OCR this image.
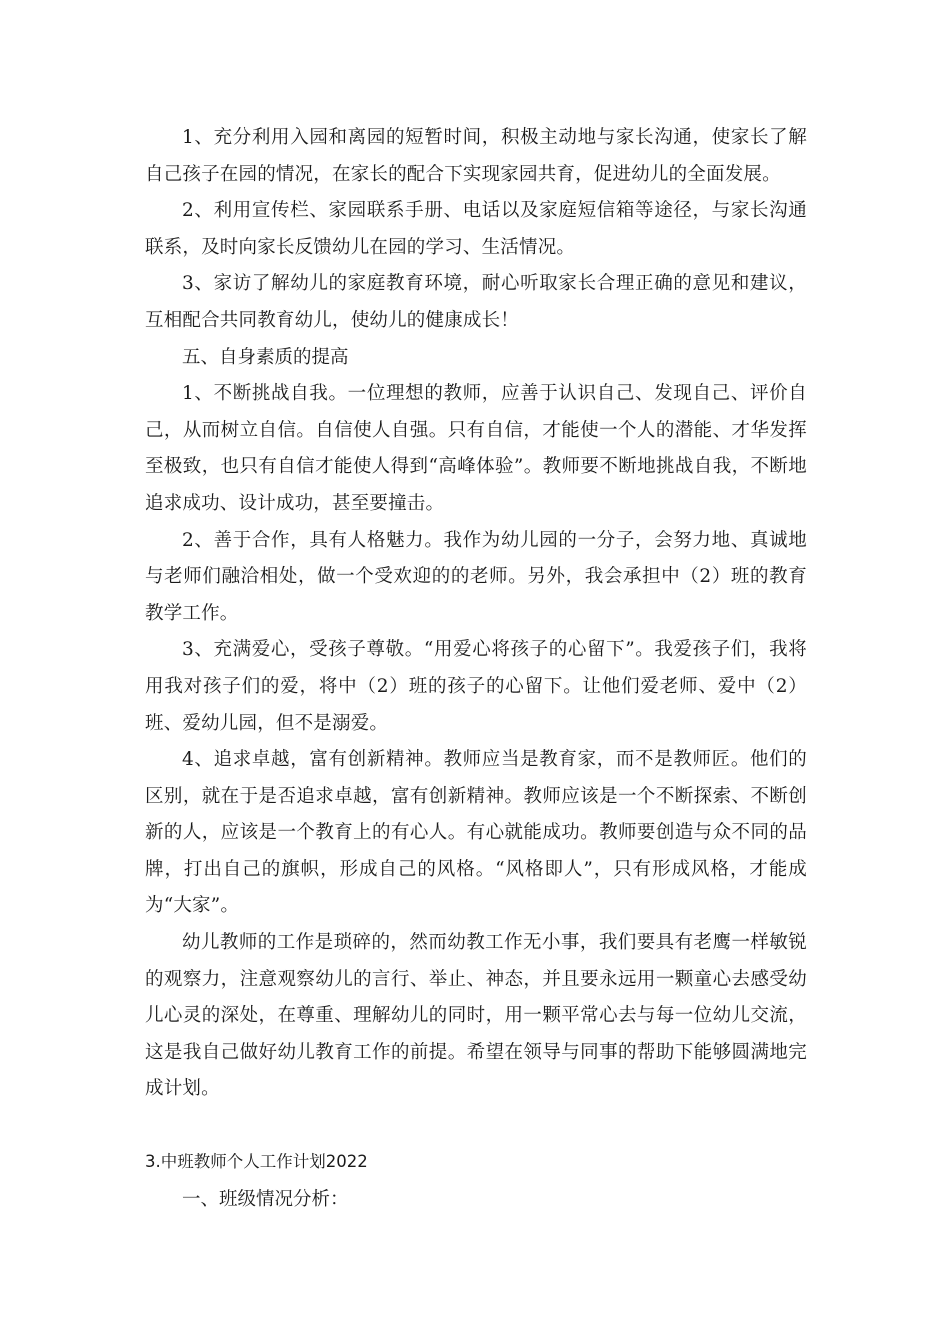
1、充分利用入园和离园的短暂时间，积极主动地与家长沟通，使家长了解自己孩子在园的情况，在家长的配合下实现家园共育，促进幼儿的全面发展。

2、利用宣传栏、家园联系手册、电话以及家庭短信箱等途径，与家长沟通联系，及时向家长反馈幼儿在园的学习、生活情况。

3、家访了解幼儿的家庭教育环境，耐心听取家长合理正确的意见和建议，互相配合共同教育幼儿，使幼儿的健康成长！

五、自身素质的提高

1、不断挑战自我。一位理想的教师，应善于认识自己、发现自己、评价自己，从而树立自信。自信使人自强。只有自信，才能使一个人的潜能、才华发挥至极致，也只有自信才能使人得到“高峰体验”。教师要不断地挑战自我，不断地追求成功、设计成功，甚至要撞击。

2、善于合作，具有人格魅力。我作为幼儿园的一分子，会努力地、真诚地与老师们融洽相处，做一个受欢迎的的老师。另外，我会承担中（2）班的教育教学工作。

3、充满爱心，受孩子尊敬。“用爱心将孩子的心留下”。我爱孩子们，我将用我对孩子们的爱，将中（2）班的孩子的心留下。让他们爱老师、爱中（2）班、爱幼儿园，但不是溺爱。

4、追求卓越，富有创新精神。教师应当是教育家，而不是教师匠。他们的区别，就在于是否追求卓越，富有创新精神。教师应该是一个不断探索、不断创新的人，应该是一个教育上的有心人。有心就能成功。教师要创造与众不同的品牌，打出自己的旗帜，形成自己的风格。“风格即人”，只有形成风格，才能成为“大家”。

幼儿教师的工作是琐碎的，然而幼教工作无小事，我们要具有老鹰一样敏锐的观察力，注意观察幼儿的言行、举止、神态，并且要永远用一颗童心去感受幼儿心灵的深处，在尊重、理解幼儿的同时，用一颗平常心去与每一位幼儿交流，这是我自己做好幼儿教育工作的前提。希望在领导与同事的帮助下能够圆满地完成计划。

3.中班教师个人工作计划2022

一、班级情况分析：
